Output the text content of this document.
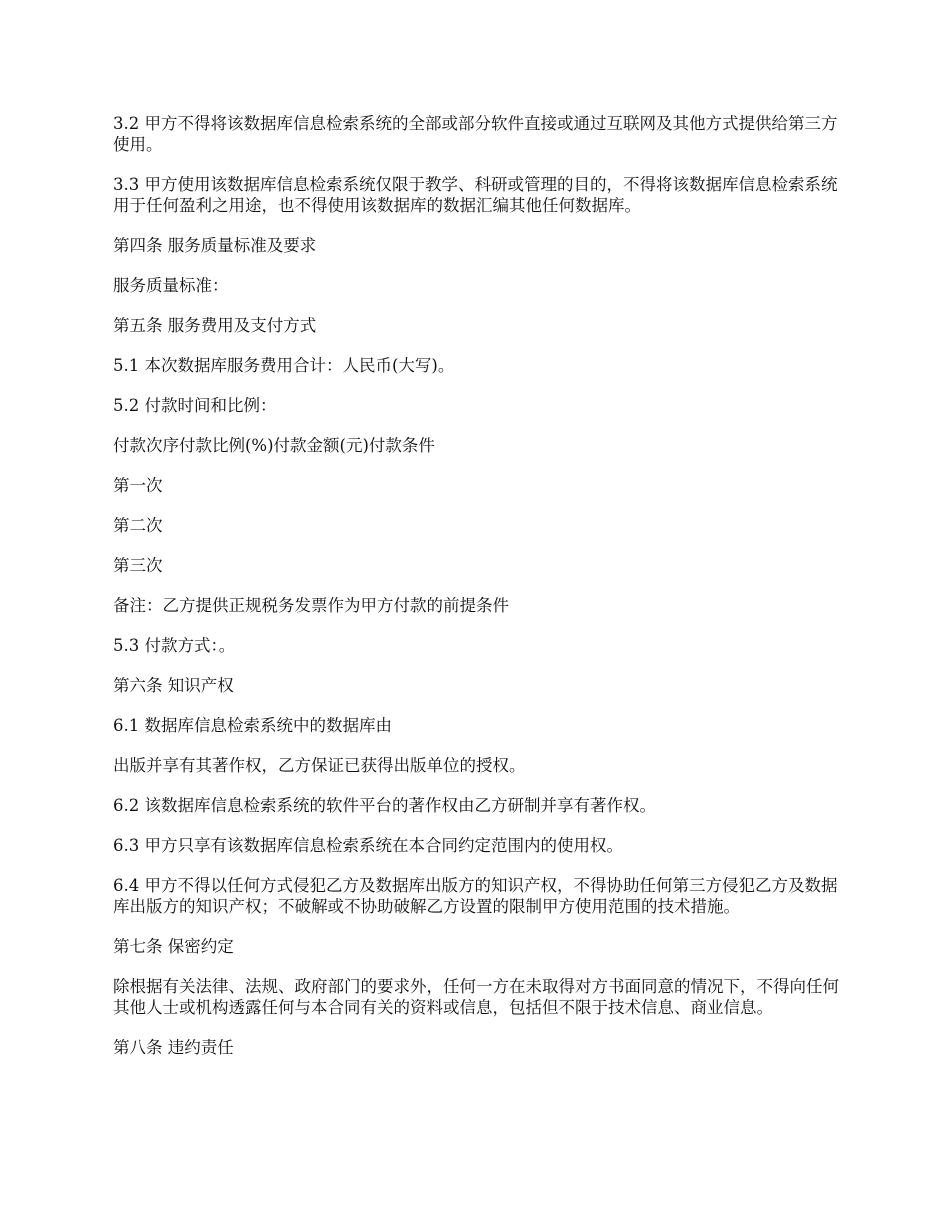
3.2 甲方不得将该数据库信息检索系统的全部或部分软件直接或通过互联网及其他方式提供给第三方使用。

3.3 甲方使用该数据库信息检索系统仅限于教学、科研或管理的目的，不得将该数据库信息检索系统用于任何盈利之用途，也不得使用该数据库的数据汇编其他任何数据库。

第四条 服务质量标准及要求

服务质量标准：

第五条 服务费用及支付方式

5.1 本次数据库服务费用合计：人民币(大写)。

5.2 付款时间和比例：

付款次序付款比例(%)付款金额(元)付款条件

第一次

第二次

第三次

备注：乙方提供正规税务发票作为甲方付款的前提条件

5.3 付款方式：。

第六条 知识产权

6.1 数据库信息检索系统中的数据库由

出版并享有其著作权，乙方保证已获得出版单位的授权。

6.2 该数据库信息检索系统的软件平台的著作权由乙方研制并享有著作权。

6.3 甲方只享有该数据库信息检索系统在本合同约定范围内的使用权。

6.4 甲方不得以任何方式侵犯乙方及数据库出版方的知识产权，不得协助任何第三方侵犯乙方及数据库出版方的知识产权；不破解或不协助破解乙方设置的限制甲方使用范围的技术措施。

第七条 保密约定

除根据有关法律、法规、政府部门的要求外，任何一方在未取得对方书面同意的情况下，不得向任何其他人士或机构透露任何与本合同有关的资料或信息，包括但不限于技术信息、商业信息。

第八条 违约责任
